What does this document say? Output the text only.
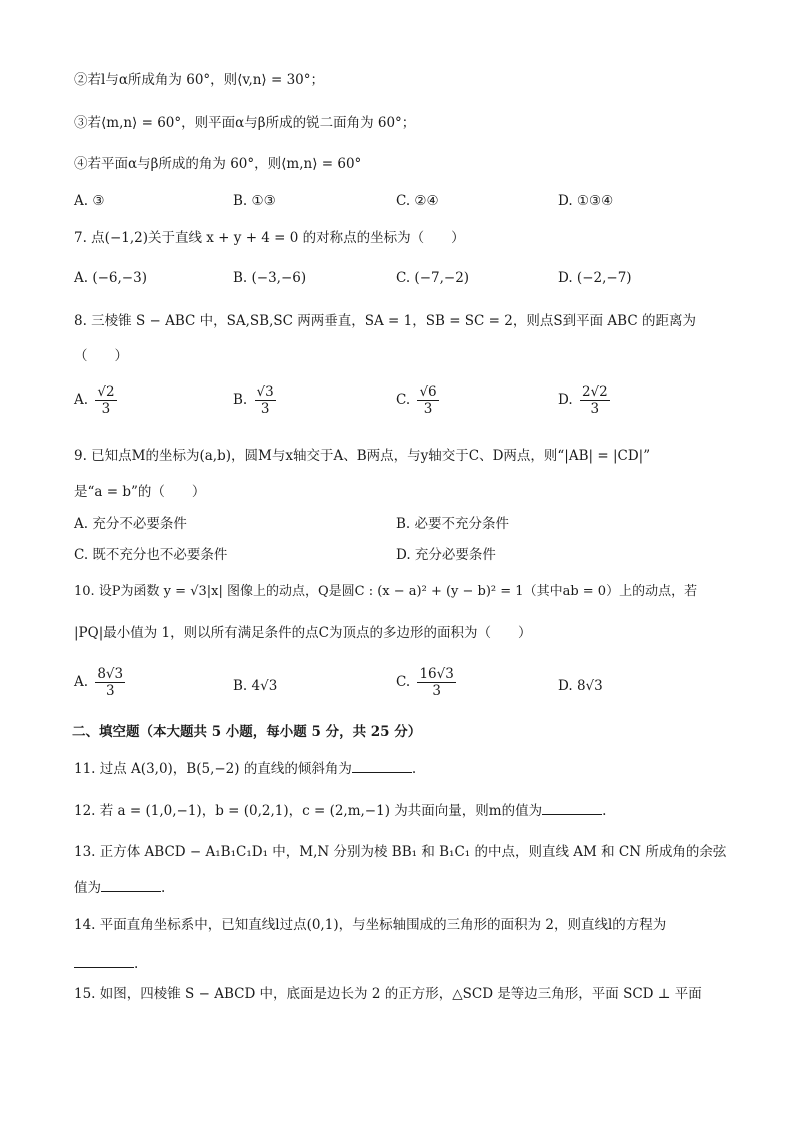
②若l与α所成角为 60°，则⟨v,n⟩ = 30°；
③若⟨m,n⟩ = 60°，则平面α与β所成的锐二面角为 60°；
④若平面α与β所成的角为 60°，则⟨m,n⟩ = 60°
A. ③	B. ①③	C. ②④	D. ①③④
7. 点(−1,2)关于直线 x + y + 4 = 0 的对称点的坐标为（　　）
A. (−6,−3)	B. (−3,−6)	C. (−7,−2)	D. (−2,−7)
8. 三棱锥 S − ABC 中，SA,SB,SC 两两垂直，SA = 1，SB = SC = 2，则点S到平面 ABC 的距离为
（　　）
A. $\frac{√2}{3}$	B. $\frac{√3}{3}$	C. $\frac{√6}{3}$	D. $\frac{2√2}{3}$
9. 已知点M的坐标为(a,b)，圆M与x轴交于A、B两点，与y轴交于C、D两点，则“|AB| = |CD|”
是“a = b”的（　　）
A. 充分不必要条件	B. 必要不充分条件
C. 既不充分也不必要条件	D. 充分必要条件
10. 设P为函数 y = √3|x| 图像上的动点，Q是圆C : (x − a)² + (y − b)² = 1（其中ab = 0）上的动点，若
|PQ|最小值为 1，则以所有满足条件的点C为顶点的多边形的面积为（　　）
A. $\frac{8√3}{3}$	B. 4√3	C. $\frac{16√3}{3}$	D. 8√3
二、填空题（本大题共 5 小题，每小题 5 分，共 25 分）
11. 过点 A(3,0)，B(5,−2) 的直线的倾斜角为	.
12. 若 a = (1,0,−1)，b = (0,2,1)，c = (2,m,−1) 为共面向量，则m的值为	.
13. 正方体 ABCD − A₁B₁C₁D₁ 中，M,N 分别为棱 BB₁ 和 B₁C₁ 的中点，则直线 AM 和 CN 所成角的余弦
值为	.
14. 平面直角坐标系中，已知直线l过点(0,1)，与坐标轴围成的三角形的面积为 2，则直线l的方程为
.
15. 如图，四棱锥 S − ABCD 中，底面是边长为 2 的正方形，△SCD 是等边三角形，平面 SCD ⊥ 平面
